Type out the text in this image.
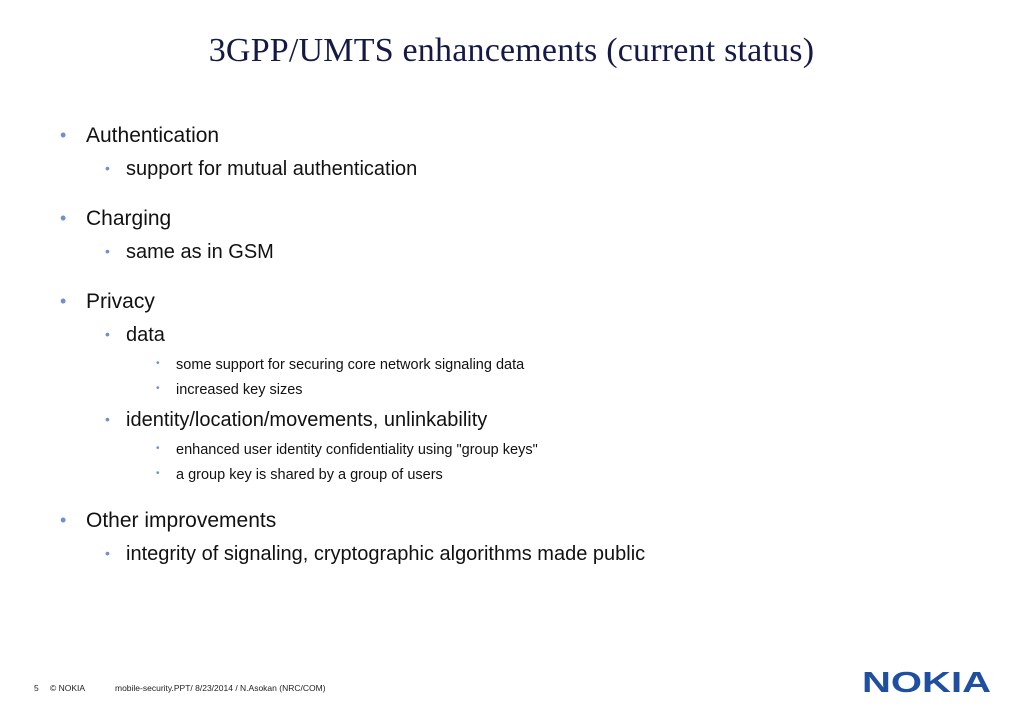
3GPP/UMTS enhancements (current status)
• Authentication
• support for mutual authentication
• Charging
• same as in GSM
• Privacy
• data
• some support for securing core network signaling data
• increased key sizes
• identity/location/movements, unlinkability
• enhanced user identity confidentiality using "group keys"
• a group key is shared by a group of users
• Other improvements
• integrity of signaling, cryptographic algorithms made public
5 © NOKIA	mobile-security.PPT/ 8/23/2014 / N.Asokan (NRC/COM)	NOKIA
